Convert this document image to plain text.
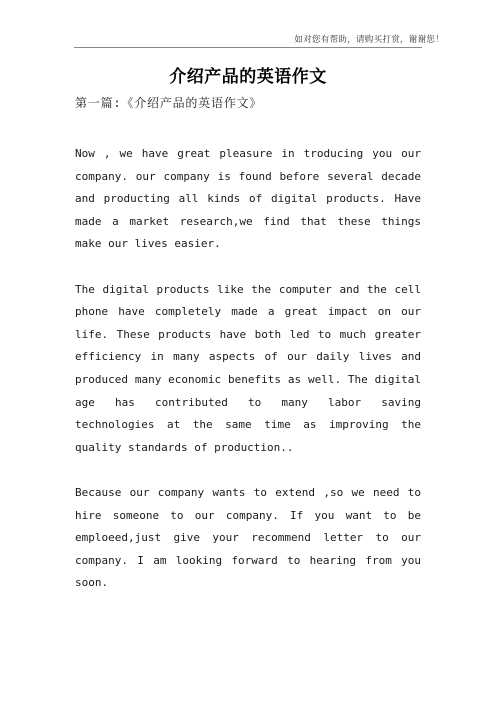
如对您有帮助，请购买打赏，谢谢您！
介绍产品的英语作文
第一篇:《介绍产品的英语作文》

Now , we have great pleasure in troducing you our company. our company is found before several decade and producting all kinds of digital products. Have made a market research,we find that these things make our lives easier.

The digital products like the computer and the cell phone have completely made a great impact on our life. These products have both led to much greater efficiency in many aspects of our daily lives and produced many economic benefits as well. The digital age has contributed to many labor saving technologies at the same time as improving the quality standards of production..

Because our company wants to extend ,so we need to hire someone to our company. If you want to be emploeed,just give your recommend letter to our company. I am looking forward to hearing from you soon.
